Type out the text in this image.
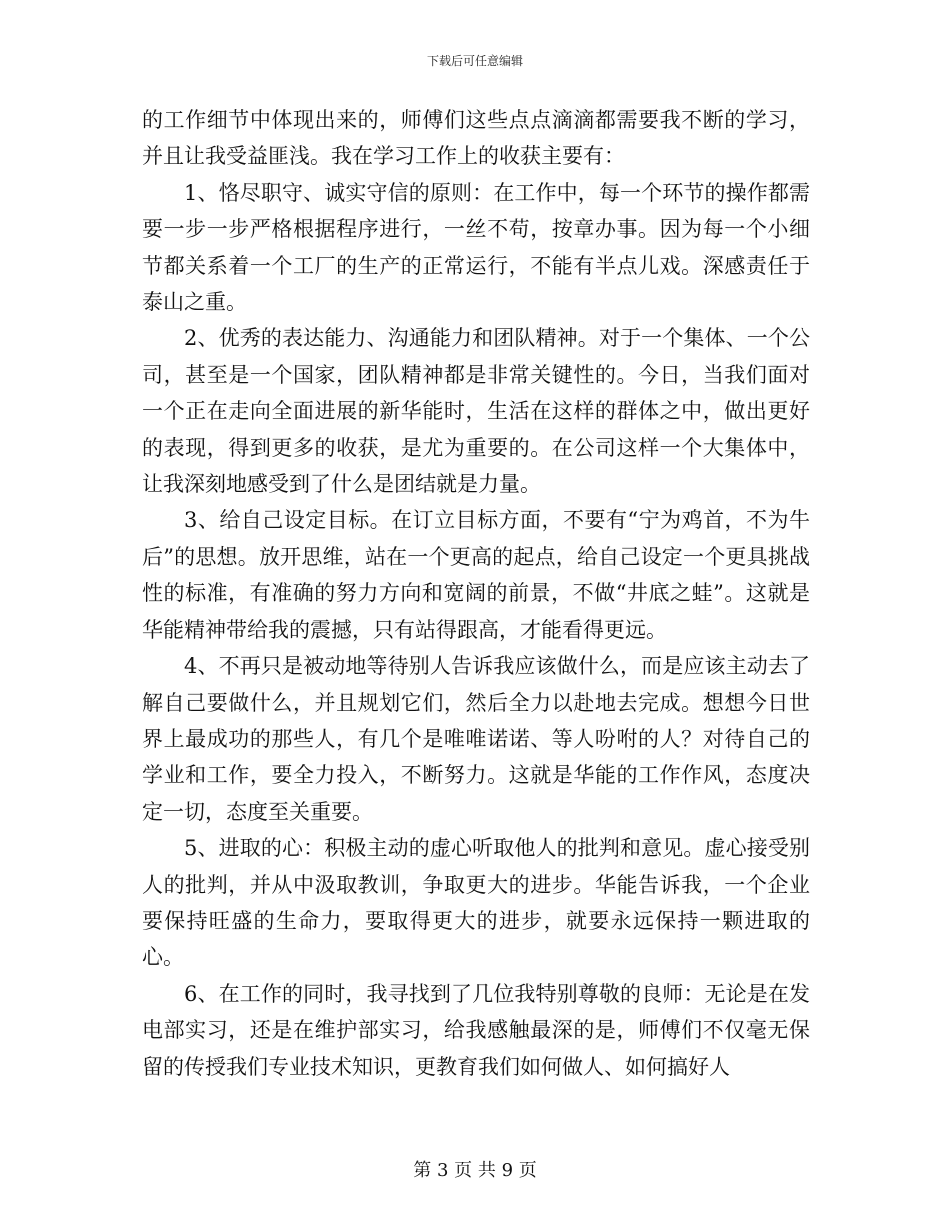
下载后可任意编辑

的工作细节中体现出来的，师傅们这些点点滴滴都需要我不断的学习，并且让我受益匪浅。我在学习工作上的收获主要有：

1、恪尽职守、诚实守信的原则：在工作中，每一个环节的操作都需要一步一步严格根据程序进行，一丝不苟，按章办事。因为每一个小细节都关系着一个工厂的生产的正常运行，不能有半点儿戏。深感责任于泰山之重。

2、优秀的表达能力、沟通能力和团队精神。对于一个集体、一个公司，甚至是一个国家，团队精神都是非常关键性的。今日，当我们面对一个正在走向全面进展的新华能时，生活在这样的群体之中，做出更好的表现，得到更多的收获，是尤为重要的。在公司这样一个大集体中，让我深刻地感受到了什么是团结就是力量。

3、给自己设定目标。在订立目标方面，不要有“宁为鸡首，不为牛后”的思想。放开思维，站在一个更高的起点，给自己设定一个更具挑战性的标准，有准确的努力方向和宽阔的前景，不做“井底之蛙”。这就是华能精神带给我的震撼，只有站得跟高，才能看得更远。

4、不再只是被动地等待别人告诉我应该做什么，而是应该主动去了解自己要做什么，并且规划它们，然后全力以赴地去完成。想想今日世界上最成功的那些人，有几个是唯唯诺诺、等人吩咐的人？对待自己的学业和工作，要全力投入，不断努力。这就是华能的工作作风，态度决定一切，态度至关重要。

5、进取的心：积极主动的虚心听取他人的批判和意见。虚心接受别人的批判，并从中汲取教训，争取更大的进步。华能告诉我，一个企业要保持旺盛的生命力，要取得更大的进步，就要永远保持一颗进取的心。

6、在工作的同时，我寻找到了几位我特别尊敬的良师：无论是在发电部实习，还是在维护部实习，给我感触最深的是，师傅们不仅毫无保留的传授我们专业技术知识，更教育我们如何做人、如何搞好人

第 3 页 共 9 页
